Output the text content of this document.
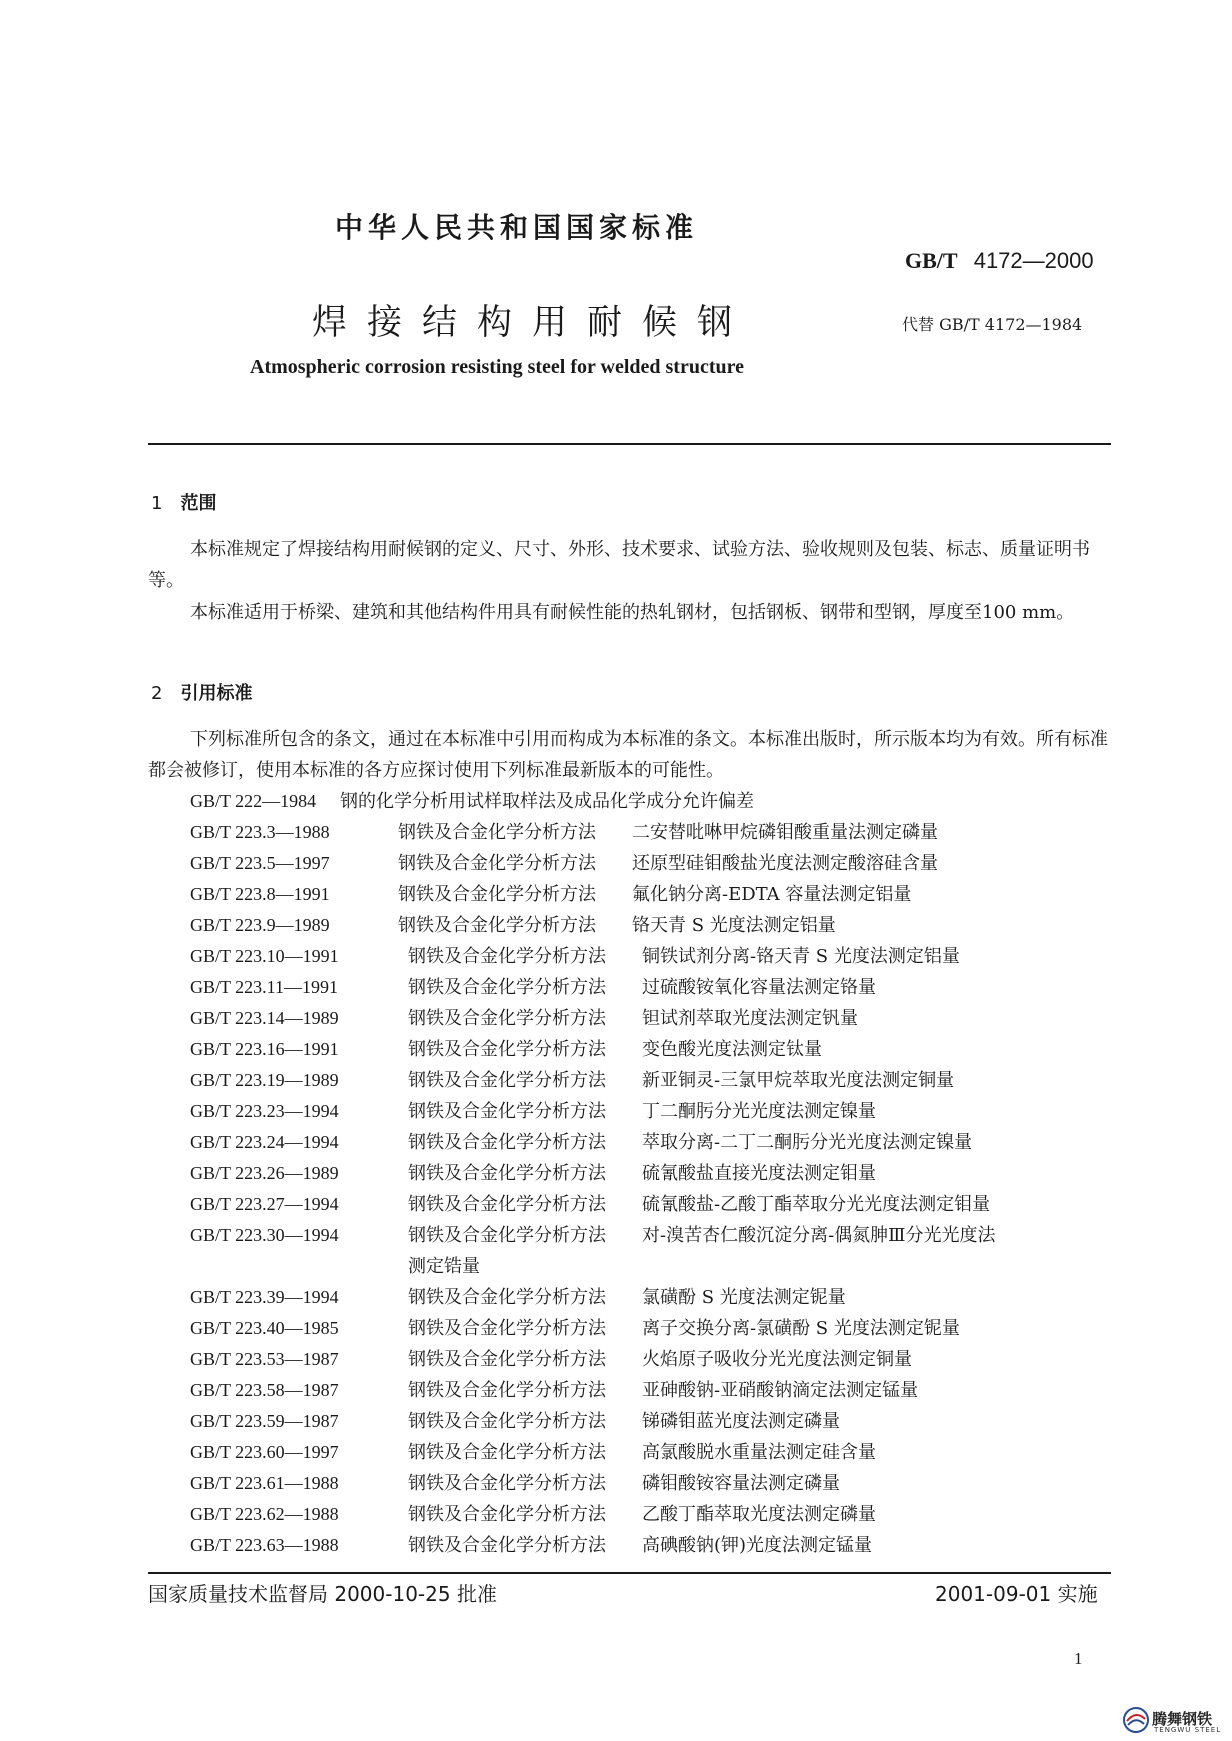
中华人民共和国国家标准
GB/T 4172—2000
焊接结构用耐候钢	代替 GB/T 4172—1984
Atmospheric corrosion resisting steel for welded structure
1 范围
本标准规定了焊接结构用耐候钢的定义、尺寸、外形、技术要求、试验方法、验收规则及包装、标志、质量证明书等。
本标准适用于桥梁、建筑和其他结构件用具有耐候性能的热轧钢材，包括钢板、钢带和型钢，厚度至100 mm。
2 引用标准
下列标准所包含的条文，通过在本标准中引用而构成为本标准的条文。本标准出版时，所示版本均为有效。所有标准都会被修订，使用本标准的各方应探讨使用下列标准最新版本的可能性。
GB/T 222—1984 钢的化学分析用试样取样法及成品化学成分允许偏差
GB/T 223.3—1988	钢铁及合金化学分析方法 二安替吡啉甲烷磷钼酸重量法测定磷量
GB/T 223.5—1997	钢铁及合金化学分析方法 还原型硅钼酸盐光度法测定酸溶硅含量
GB/T 223.8—1991	钢铁及合金化学分析方法 氟化钠分离-EDTA 容量法测定铝量
GB/T 223.9—1989	钢铁及合金化学分析方法 铬天青 S 光度法测定铝量
GB/T 223.10—1991	钢铁及合金化学分析方法 铜铁试剂分离-铬天青 S 光度法测定铝量
GB/T 223.11—1991	钢铁及合金化学分析方法 过硫酸铵氧化容量法测定铬量
GB/T 223.14—1989	钢铁及合金化学分析方法 钽试剂萃取光度法测定钒量
GB/T 223.16—1991	钢铁及合金化学分析方法 变色酸光度法测定钛量
GB/T 223.19—1989	钢铁及合金化学分析方法 新亚铜灵-三氯甲烷萃取光度法测定铜量
GB/T 223.23—1994	钢铁及合金化学分析方法 丁二酮肟分光光度法测定镍量
GB/T 223.24—1994	钢铁及合金化学分析方法 萃取分离-二丁二酮肟分光光度法测定镍量
GB/T 223.26—1989	钢铁及合金化学分析方法 硫氰酸盐直接光度法测定钼量
GB/T 223.27—1994	钢铁及合金化学分析方法 硫氰酸盐-乙酸丁酯萃取分光光度法测定钼量
GB/T 223.30—1994	钢铁及合金化学分析方法 对-溴苦杏仁酸沉淀分离-偶氮胂Ⅲ分光光度法
测定锆量
GB/T 223.39—1994	钢铁及合金化学分析方法 氯磺酚 S 光度法测定铌量
GB/T 223.40—1985	钢铁及合金化学分析方法 离子交换分离-氯磺酚 S 光度法测定铌量
GB/T 223.53—1987	钢铁及合金化学分析方法 火焰原子吸收分光光度法测定铜量
GB/T 223.58—1987	钢铁及合金化学分析方法 亚砷酸钠-亚硝酸钠滴定法测定锰量
GB/T 223.59—1987	钢铁及合金化学分析方法 锑磷钼蓝光度法测定磷量
GB/T 223.60—1997	钢铁及合金化学分析方法 高氯酸脱水重量法测定硅含量
GB/T 223.61—1988	钢铁及合金化学分析方法 磷钼酸铵容量法测定磷量
GB/T 223.62—1988	钢铁及合金化学分析方法 乙酸丁酯萃取光度法测定磷量
GB/T 223.63—1988	钢铁及合金化学分析方法 高碘酸钠(钾)光度法测定锰量
国家质量技术监督局 2000-10-25 批准	2001-09-01 实施
1
腾舞钢铁
TENGWU STEEL
